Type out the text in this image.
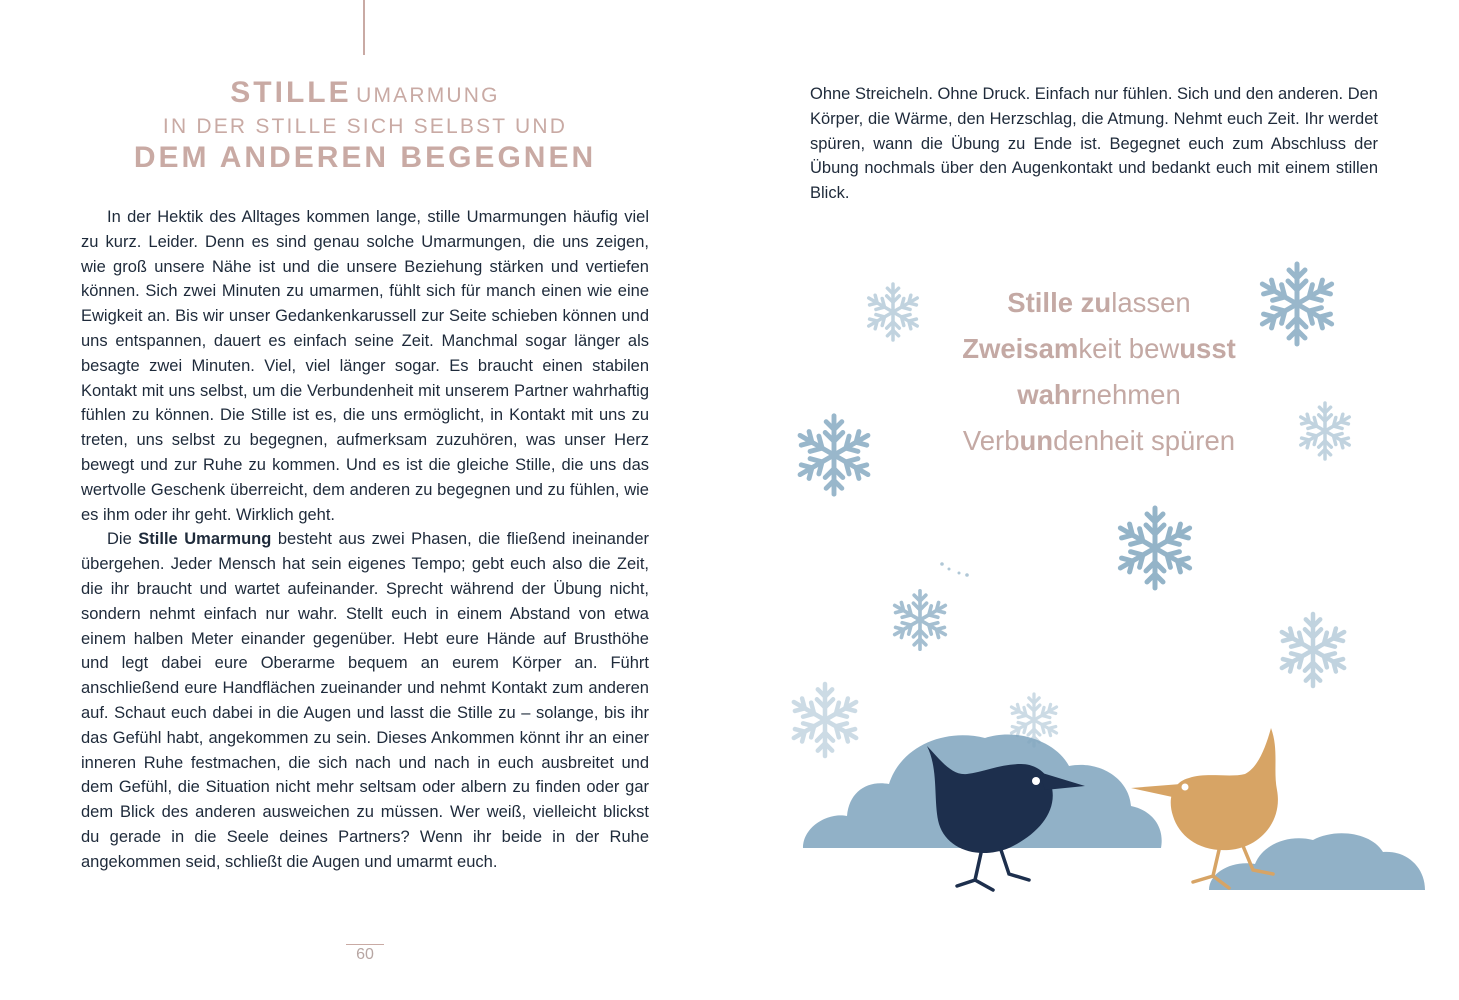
STILLE UMARMUNG
IN DER STILLE SICH SELBST UND
DEM ANDEREN BEGEGNEN

In der Hektik des Alltages kommen lange, stille Umarmungen häufig viel zu kurz. Leider. Denn es sind genau solche Umarmungen, die uns zeigen, wie groß unsere Nähe ist und die unsere Beziehung stärken und vertiefen können. Sich zwei Minuten zu umarmen, fühlt sich für manch einen wie eine Ewigkeit an. Bis wir unser Gedankenkarussell zur Seite schieben können und uns entspannen, dauert es einfach seine Zeit. Manchmal sogar länger als besagte zwei Minuten. Viel, viel länger sogar. Es braucht einen stabilen Kontakt mit uns selbst, um die Verbundenheit mit unserem Partner wahrhaftig fühlen zu können. Die Stille ist es, die uns ermöglicht, in Kontakt mit uns zu treten, uns selbst zu begegnen, aufmerksam zuzuhören, was unser Herz bewegt und zur Ruhe zu kommen. Und es ist die gleiche Stille, die uns das wertvolle Geschenk überreicht, dem anderen zu begegnen und zu fühlen, wie es ihm oder ihr geht. Wirklich geht.

Die Stille Umarmung besteht aus zwei Phasen, die fließend ineinander übergehen. Jeder Mensch hat sein eigenes Tempo; gebt euch also die Zeit, die ihr braucht und wartet aufeinander. Sprecht während der Übung nicht, sondern nehmt einfach nur wahr. Stellt euch in einem Abstand von etwa einem halben Meter einander gegenüber. Hebt eure Hände auf Brusthöhe und legt dabei eure Oberarme bequem an eurem Körper an. Führt anschließend eure Handflächen zueinander und nehmt Kontakt zum anderen auf. Schaut euch dabei in die Augen und lasst die Stille zu – solange, bis ihr das Gefühl habt, angekommen zu sein. Dieses Ankommen könnt ihr an einer inneren Ruhe festmachen, die sich nach und nach in euch ausbreitet und dem Gefühl, die Situation nicht mehr seltsam oder albern zu finden oder gar dem Blick des anderen ausweichen zu müssen. Wer weiß, vielleicht blickst du gerade in die Seele deines Partners? Wenn ihr beide in der Ruhe angekommen seid, schließt die Augen und umarmt euch.

60

Ohne Streicheln. Ohne Druck. Einfach nur fühlen. Sich und den anderen. Den Körper, die Wärme, den Herzschlag, die Atmung. Nehmt euch Zeit. Ihr werdet spüren, wann die Übung zu Ende ist. Begegnet euch zum Abschluss der Übung nochmals über den Augenkontakt und bedankt euch mit einem stillen Blick.

Stille zulassen
Zweisamkeit bewusst
wahrnehmen
Verbundenheit spüren
